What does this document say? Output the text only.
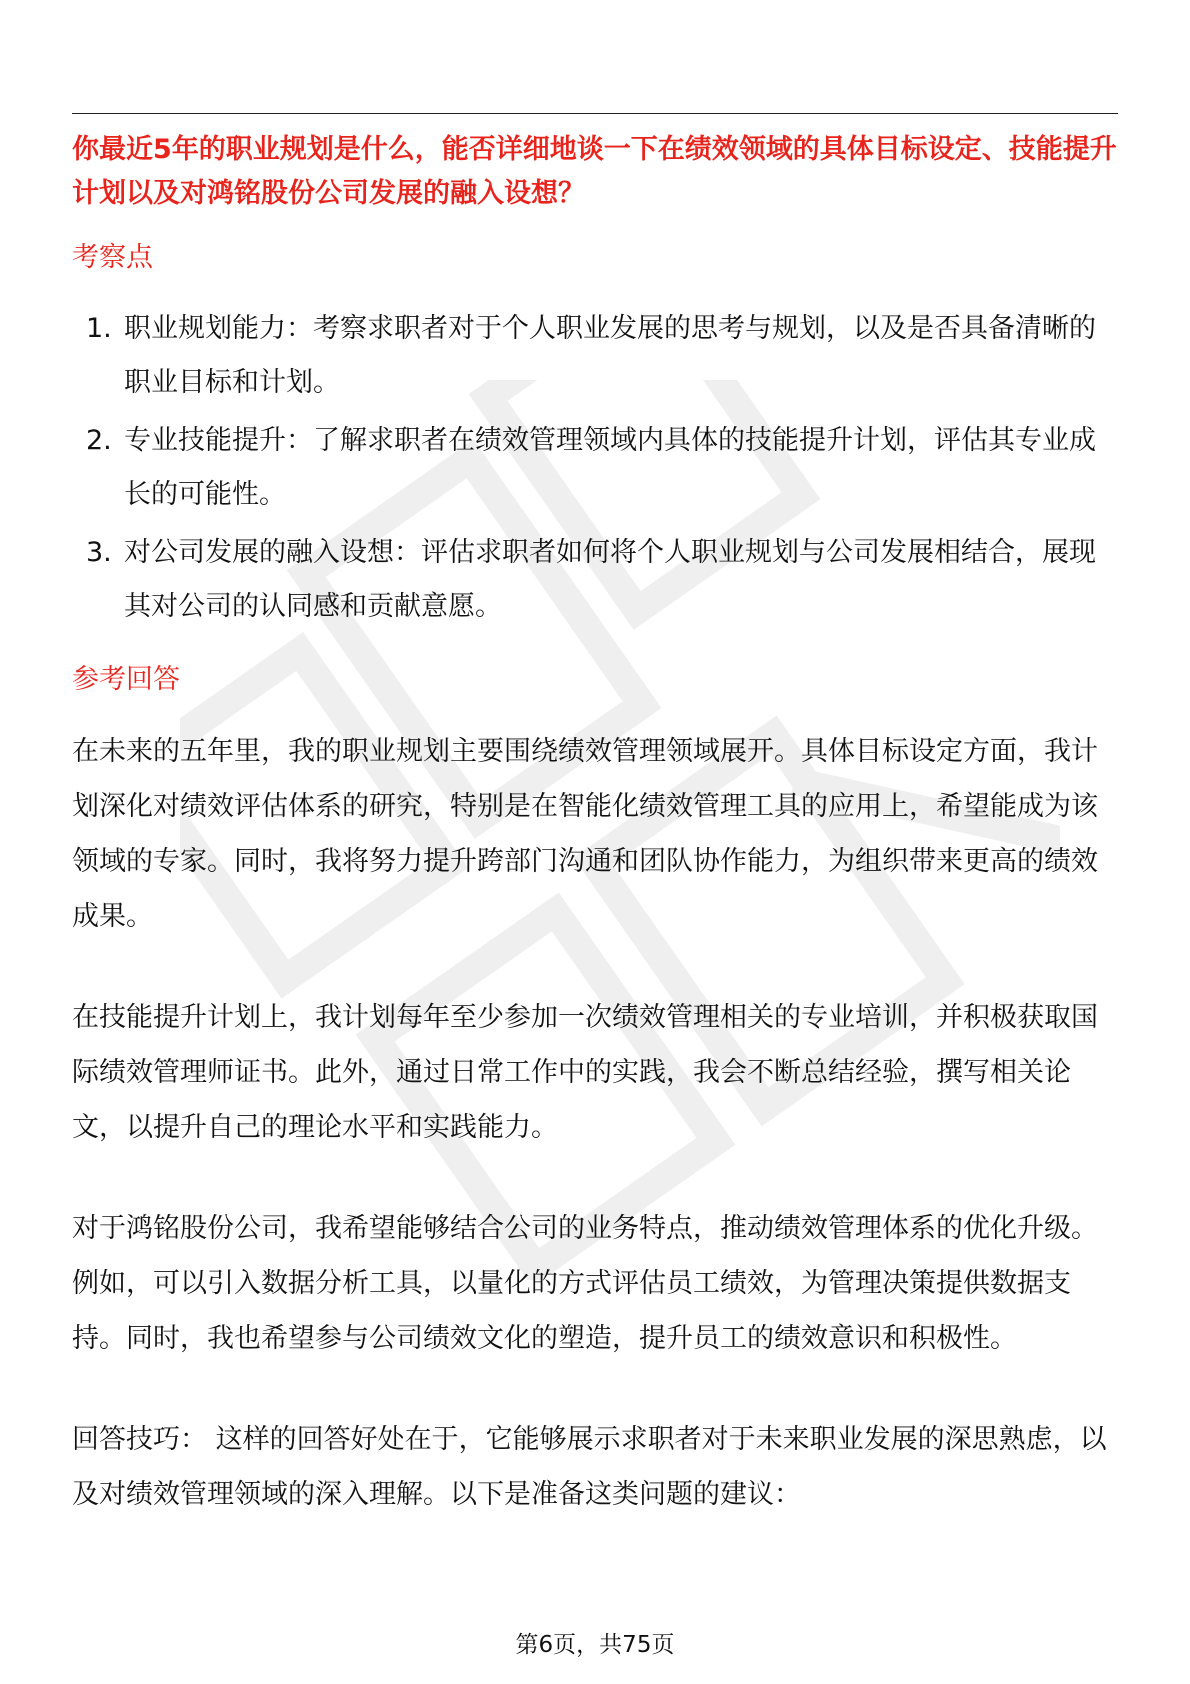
你最近5年的职业规划是什么，能否详细地谈一下在绩效领域的具体目标设定、技能提升计划以及对鸿铭股份公司发展的融入设想？

考察点

1. 职业规划能力：考察求职者对于个人职业发展的思考与规划，以及是否具备清晰的职业目标和计划。
2. 专业技能提升：了解求职者在绩效管理领域内具体的技能提升计划，评估其专业成长的可能性。
3. 对公司发展的融入设想：评估求职者如何将个人职业规划与公司发展相结合，展现其对公司的认同感和贡献意愿。

参考回答

在未来的五年里，我的职业规划主要围绕绩效管理领域展开。具体目标设定方面，我计划深化对绩效评估体系的研究，特别是在智能化绩效管理工具的应用上，希望能成为该领域的专家。同时，我将努力提升跨部门沟通和团队协作能力，为组织带来更高的绩效成果。

在技能提升计划上，我计划每年至少参加一次绩效管理相关的专业培训，并积极获取国际绩效管理师证书。此外，通过日常工作中的实践，我会不断总结经验，撰写相关论文，以提升自己的理论水平和实践能力。

对于鸿铭股份公司，我希望能够结合公司的业务特点，推动绩效管理体系的优化升级。例如，可以引入数据分析工具，以量化的方式评估员工绩效，为管理决策提供数据支持。同时，我也希望参与公司绩效文化的塑造，提升员工的绩效意识和积极性。

回答技巧： 这样的回答好处在于，它能够展示求职者对于未来职业发展的深思熟虑，以及对绩效管理领域的深入理解。以下是准备这类问题的建议：

第6页，共75页
